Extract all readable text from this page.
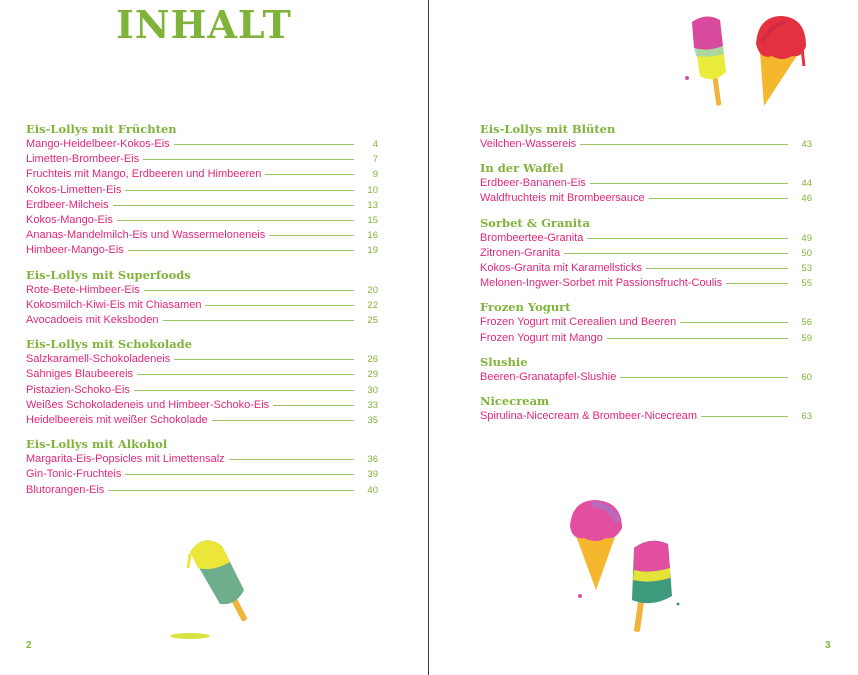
INHALT
Eis-Lollys mit Früchten
Mango-Heidelbeer-Kokos-Eis	4
Limetten-Brombeer-Eis	7
Fruchteis mit Mango, Erdbeeren und Himbeeren	9
Kokos-Limetten-Eis	10
Erdbeer-Milcheis	13
Kokos-Mango-Eis	15
Ananas-Mandelmilch-Eis und Wassermeloneneis	16
Himbeer-Mango-Eis	19
Eis-Lollys mit Superfoods
Rote-Bete-Himbeer-Eis	20
Kokosmilch-Kiwi-Eis mit Chiasamen	22
Avocadoeis mit Keksboden	25
Eis-Lollys mit Schokolade
Salzkaramell-Schokoladeneis	26
Sahniges Blaubeereis	29
Pistazien-Schoko-Eis	30
Weißes Schokoladeneis und Himbeer-Schoko-Eis	33
Heidelbeereis mit weißer Schokolade	35
Eis-Lollys mit Alkohol
Margarita-Eis-Popsicles mit Limettensalz	36
Gin-Tonic-Fruchteis	39
Blutorangen-Eis	40
Eis-Lollys mit Blüten
Veilchen-Wassereis	43
In der Waffel
Erdbeer-Bananen-Eis	44
Waldfruchteis mit Brombeersauce	46
Sorbet & Granita
Brombeertee-Granita	49
Zitronen-Granita	50
Kokos-Granita mit Karamellsticks	53
Melonen-Ingwer-Sorbet mit Passionsfrucht-Coulis	55
Frozen Yogurt
Frozen Yogurt mit Cerealien und Beeren	56
Frozen Yogurt mit Mango	59
Slushie
Beeren-Granatapfel-Slushie	60
Nicecream
Spirulina-Nicecream & Brombeer-Nicecream	63
2	3
